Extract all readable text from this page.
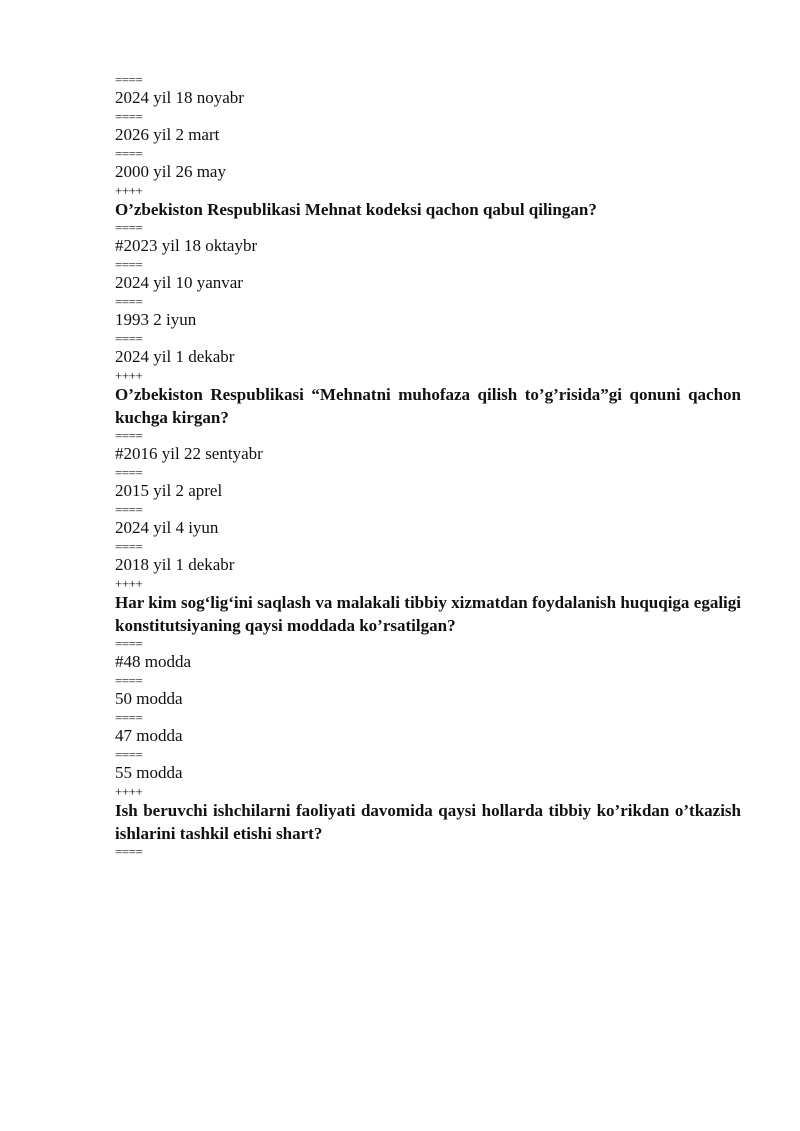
====
2024 yil 18 noyabr
====
2026 yil 2 mart
====
2000 yil 26 may
++++
O’zbekiston Respublikasi Mehnat kodeksi qachon qabul qilingan?
====
#2023 yil 18 oktaybr
====
2024 yil 10 yanvar
====
1993 2 iyun
====
2024 yil 1 dekabr
++++
O’zbekiston Respublikasi “Mehnatni muhofaza qilish to’g’risida”gi qonuni qachon kuchga kirgan?
====
#2016 yil 22 sentyabr
====
2015 yil 2 aprel
====
2024 yil 4 iyun
====
2018 yil 1 dekabr
++++
Har kim sog‘lig‘ini saqlash va malakali tibbiy xizmatdan foydalanish huquqiga egaligi konstitutsiyaning qaysi moddada ko’rsatilgan?
====
#48 modda
====
50 modda
====
47 modda
====
55 modda
++++
Ish beruvchi ishchilarni faoliyati davomida qaysi hollarda tibbiy ko’rikdan o’tkazish ishlarini tashkil etishi shart?
====
